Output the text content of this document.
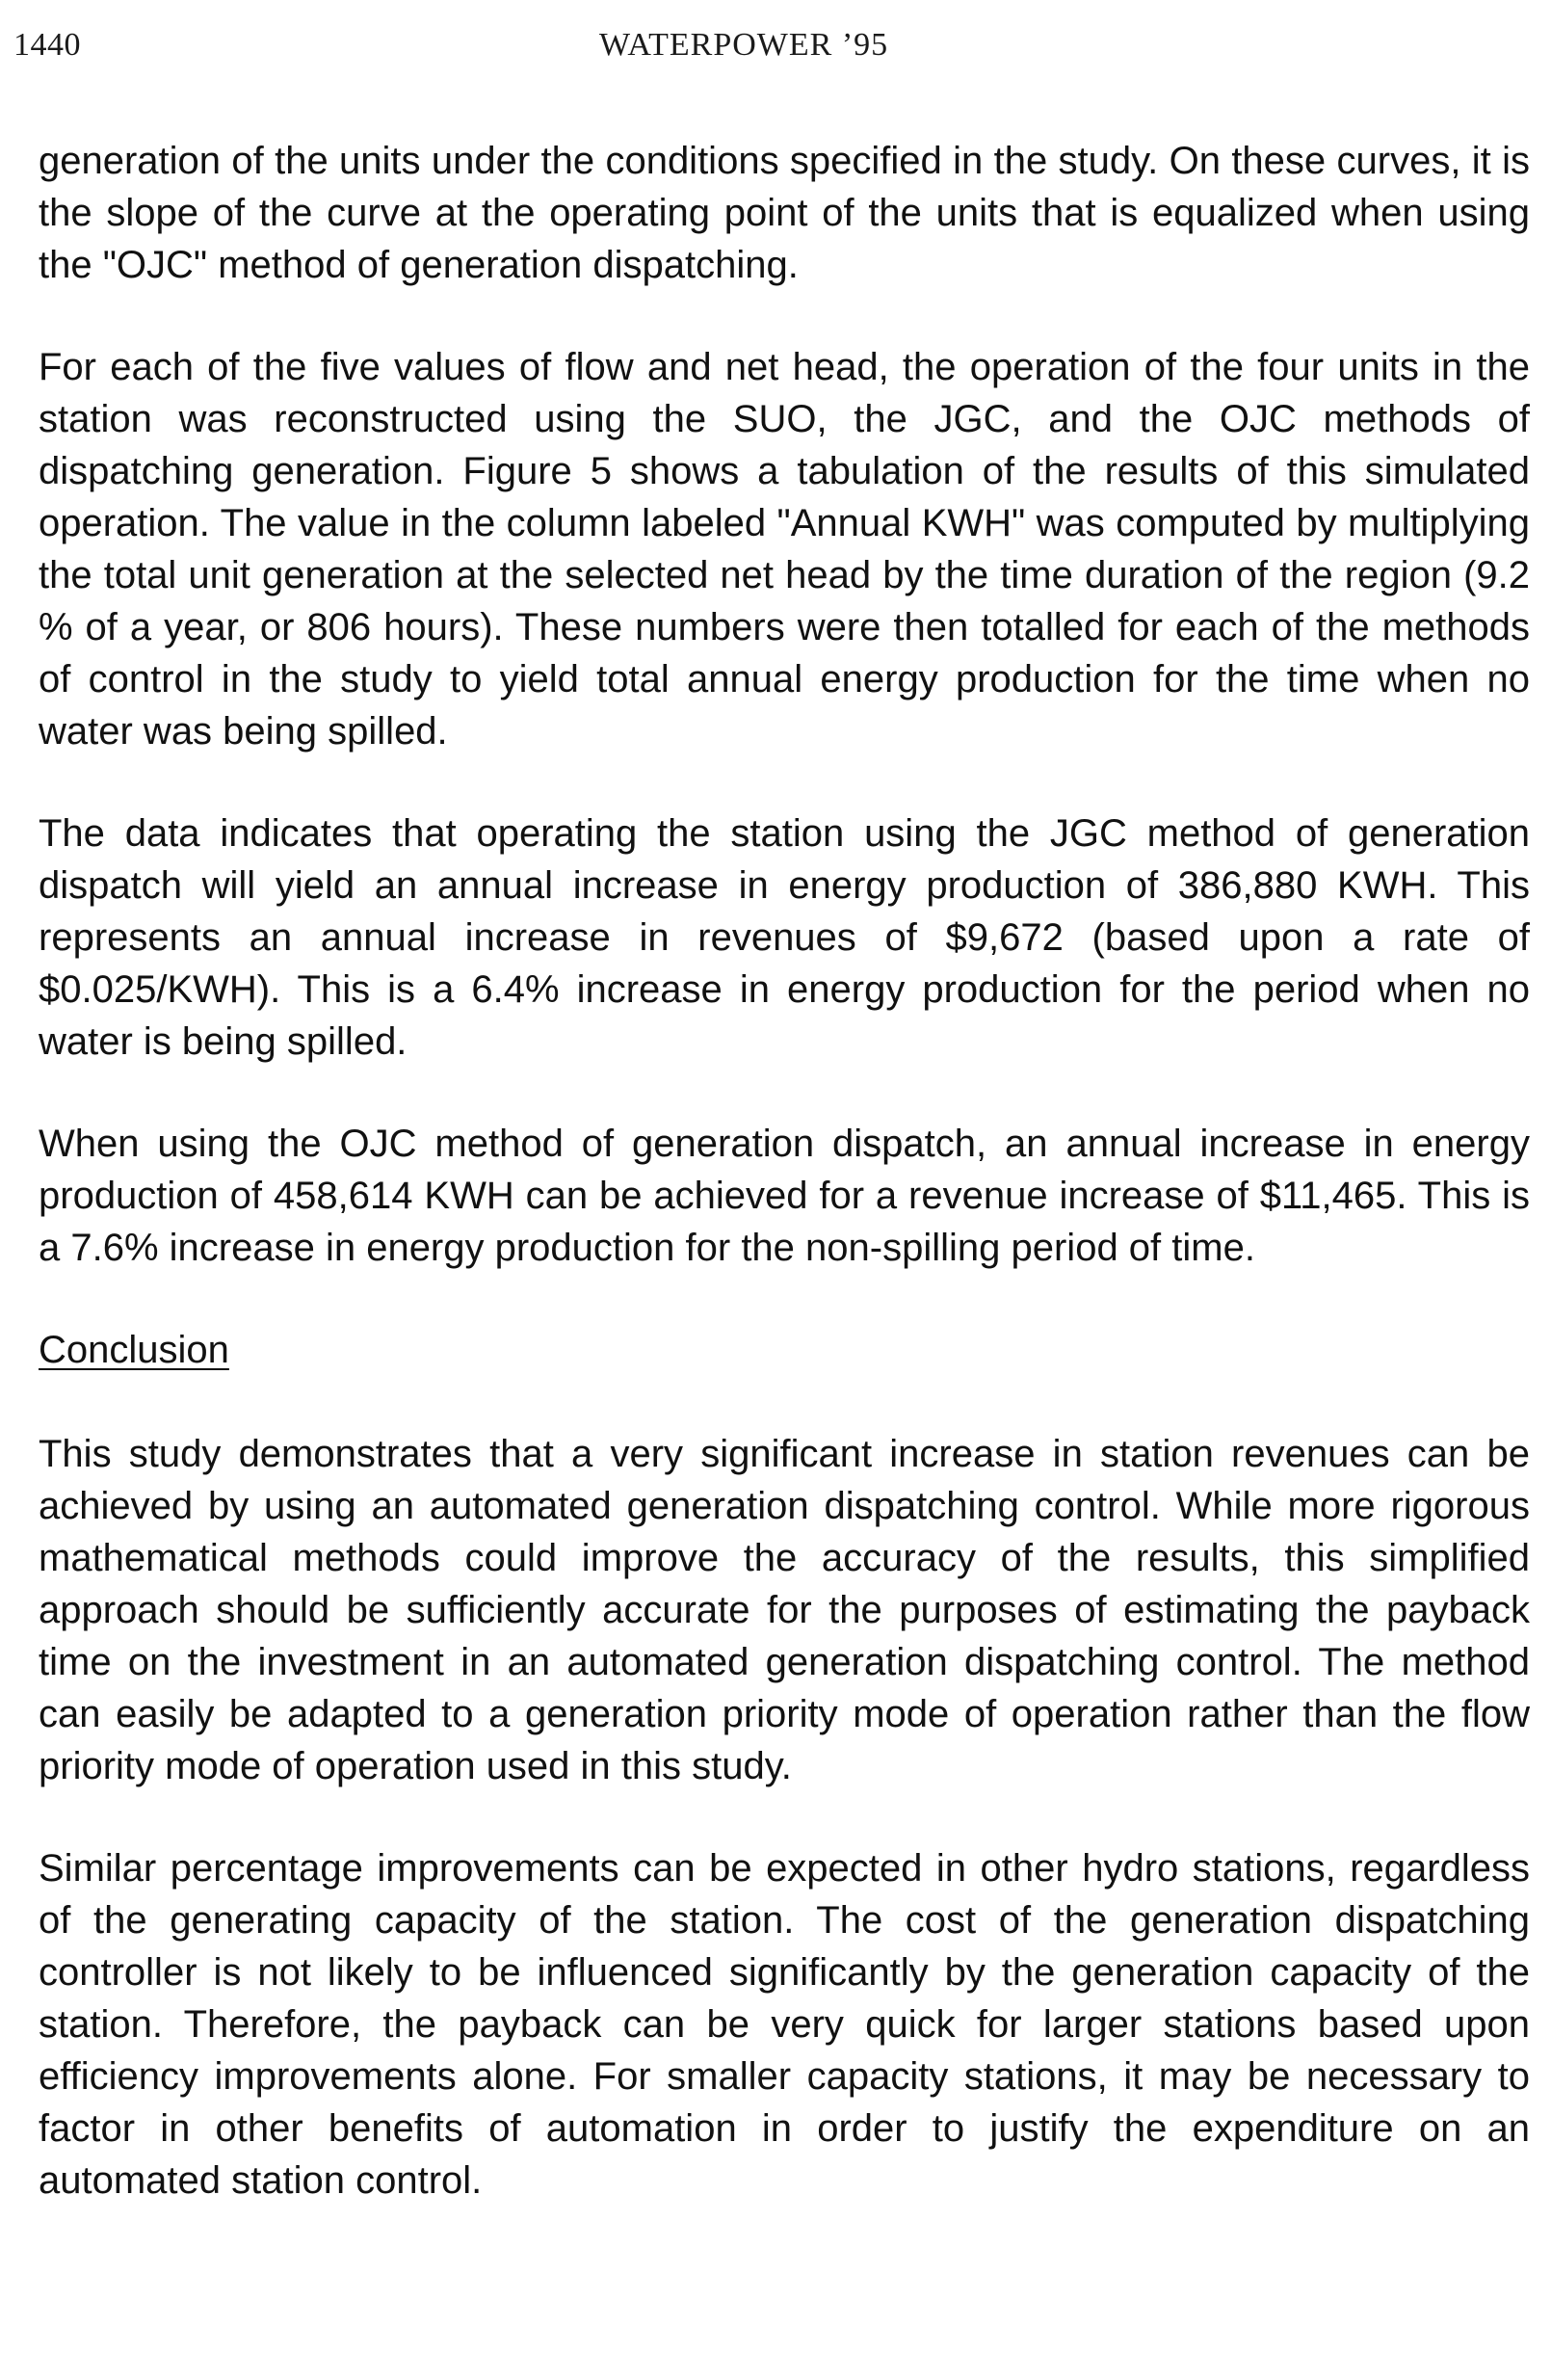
1440	WATERPOWER ’95

generation of the units under the conditions specified in the study. On these curves, it is the slope of the curve at the operating point of the units that is equalized when using the "OJC" method of generation dispatching.

For each of the five values of flow and net head, the operation of the four units in the station was reconstructed using the SUO, the JGC, and the OJC methods of dispatching generation. Figure 5 shows a tabulation of the results of this simulated operation. The value in the column labeled "Annual KWH" was computed by multiplying the total unit generation at the selected net head by the time duration of the region (9.2 % of a year, or 806 hours). These numbers were then totalled for each of the methods of control in the study to yield total annual energy production for the time when no water was being spilled.

The data indicates that operating the station using the JGC method of generation dispatch will yield an annual increase in energy production of 386,880 KWH. This represents an annual increase in revenues of $9,672 (based upon a rate of $0.025/KWH). This is a 6.4% increase in energy production for the period when no water is being spilled.

When using the OJC method of generation dispatch, an annual increase in energy production of 458,614 KWH can be achieved for a revenue increase of $11,465. This is a 7.6% increase in energy production for the non-spilling period of time.

Conclusion

This study demonstrates that a very significant increase in station revenues can be achieved by using an automated generation dispatching control. While more rigorous mathematical methods could improve the accuracy of the results, this simplified approach should be sufficiently accurate for the purposes of estimating the payback time on the investment in an automated generation dispatching control. The method can easily be adapted to a generation priority mode of operation rather than the flow priority mode of operation used in this study.

Similar percentage improvements can be expected in other hydro stations, regardless of the generating capacity of the station. The cost of the generation dispatching controller is not likely to be influenced significantly by the generation capacity of the station. Therefore, the payback can be very quick for larger stations based upon efficiency improvements alone. For smaller capacity stations, it may be necessary to factor in other benefits of automation in order to justify the expenditure on an automated station control.
